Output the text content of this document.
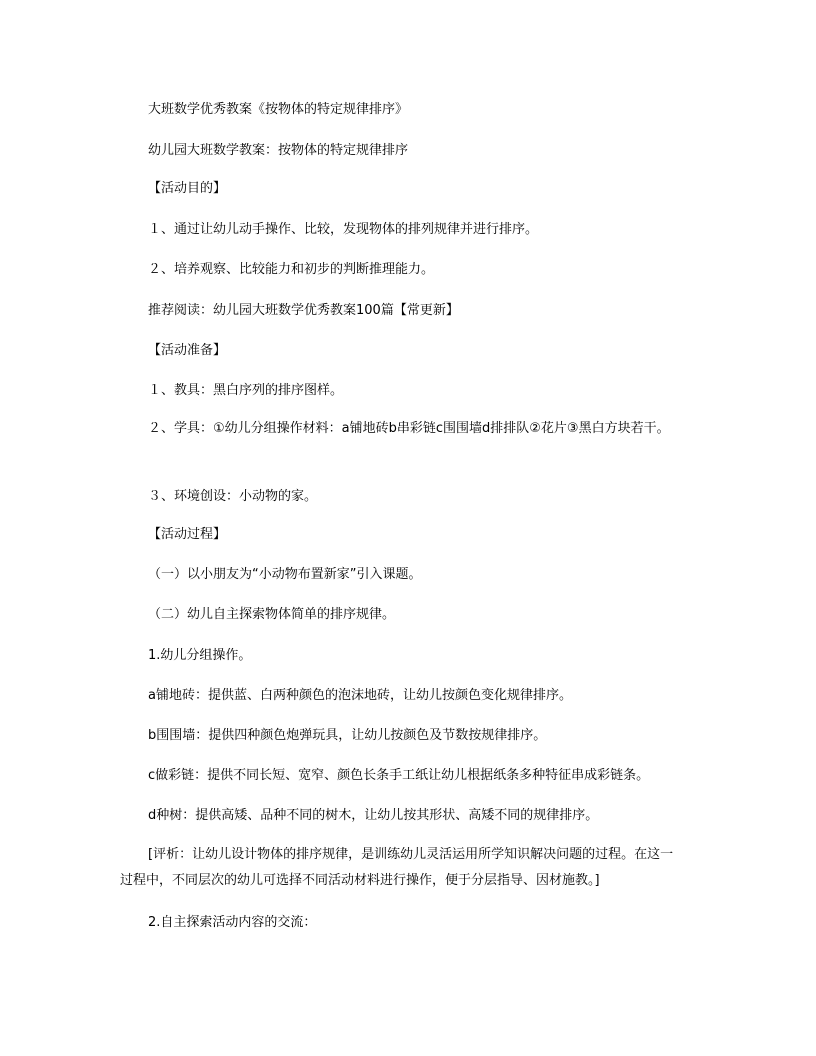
大班数学优秀教案《按物体的特定规律排序》
幼儿园大班数学教案：按物体的特定规律排序
【活动目的】
１、通过让幼儿动手操作、比较，发现物体的排列规律并进行排序。
２、培养观察、比较能力和初步的判断推理能力。
推荐阅读：幼儿园大班数学优秀教案100篇【常更新】
【活动准备】
１、教具：黑白序列的排序图样。
２、学具：①幼儿分组操作材料：a铺地砖b串彩链c围围墙d排排队②花片③黑白方块若干。
３、环境创设：小动物的家。
【活动过程】
（一）以小朋友为“小动物布置新家”引入课题。
（二）幼儿自主探索物体简单的排序规律。
1.幼儿分组操作。
a铺地砖：提供蓝、白两种颜色的泡沫地砖，让幼儿按颜色变化规律排序。
b围围墙：提供四种颜色炮弹玩具，让幼儿按颜色及节数按规律排序。
c做彩链：提供不同长短、宽窄、颜色长条手工纸让幼儿根据纸条多种特征串成彩链条。
d种树：提供高矮、品种不同的树木，让幼儿按其形状、高矮不同的规律排序。
[评析：让幼儿设计物体的排序规律，是训练幼儿灵活运用所学知识解决问题的过程。在这一过程中，不同层次的幼儿可选择不同活动材料进行操作，便于分层指导、因材施教。]
2.自主探索活动内容的交流：
